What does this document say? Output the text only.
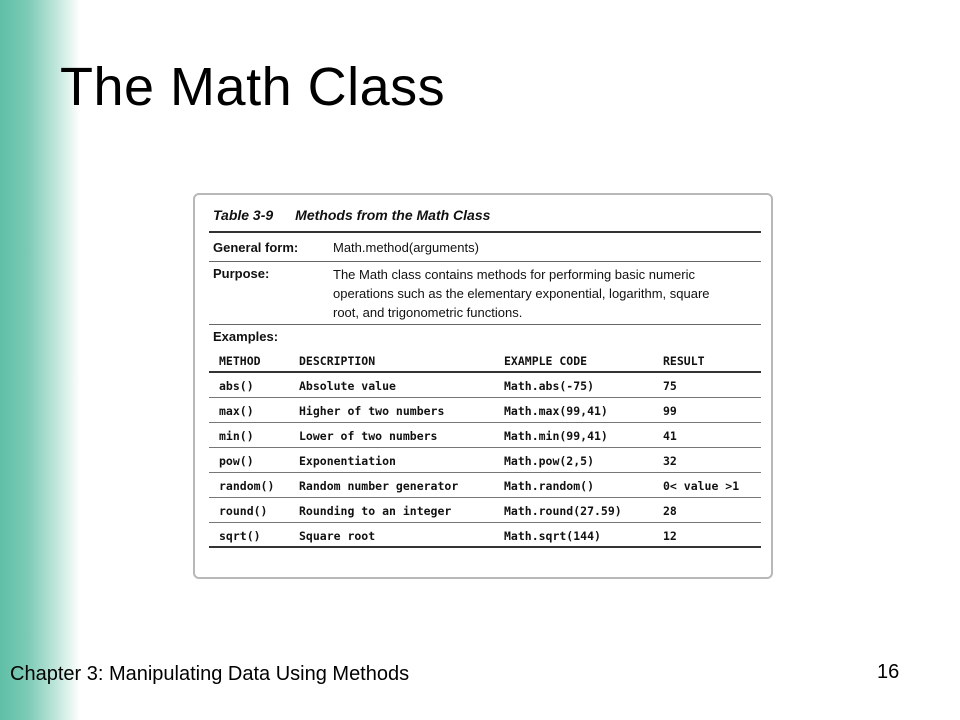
The Math Class
Table 3-9 Methods from the Math Class
General form:	Math.method(arguments)
Purpose:	The Math class contains methods for performing basic numeric
operations such as the elementary exponential, logarithm, square
root, and trigonometric functions.
Examples:
METHOD	DESCRIPTION	EXAMPLE CODE	RESULT
abs()	Absolute value	Math.abs(-75)	75
max()	Higher of two numbers	Math.max(99,41)	99
min()	Lower of two numbers	Math.min(99,41)	41
pow()	Exponentiation	Math.pow(2,5)	32
random() Random number generator	Math.random()	0< value >1
round()	Rounding to an integer	Math.round(27.59)	28
sqrt()	Square root	Math.sqrt(144)	12
Chapter 3: Manipulating Data Using Methods	16
